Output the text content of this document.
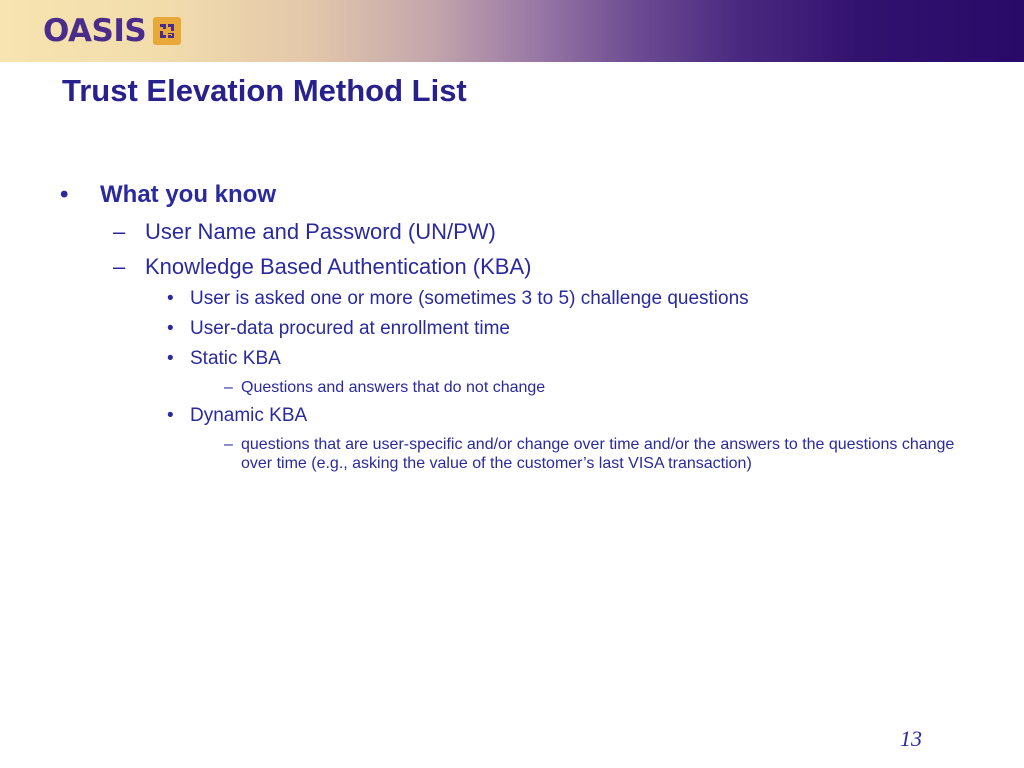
OASIS
Trust Elevation Method List
• What you know
– User Name and Password (UN/PW)
– Knowledge Based Authentication (KBA)
• User is asked one or more (sometimes 3 to 5) challenge questions
• User-data procured at enrollment time
• Static KBA
– Questions and answers that do not change
• Dynamic KBA
– questions that are user-specific and/or change over time and/or the answers to the questions change over time (e.g., asking the value of the customer’s last VISA transaction)
13
